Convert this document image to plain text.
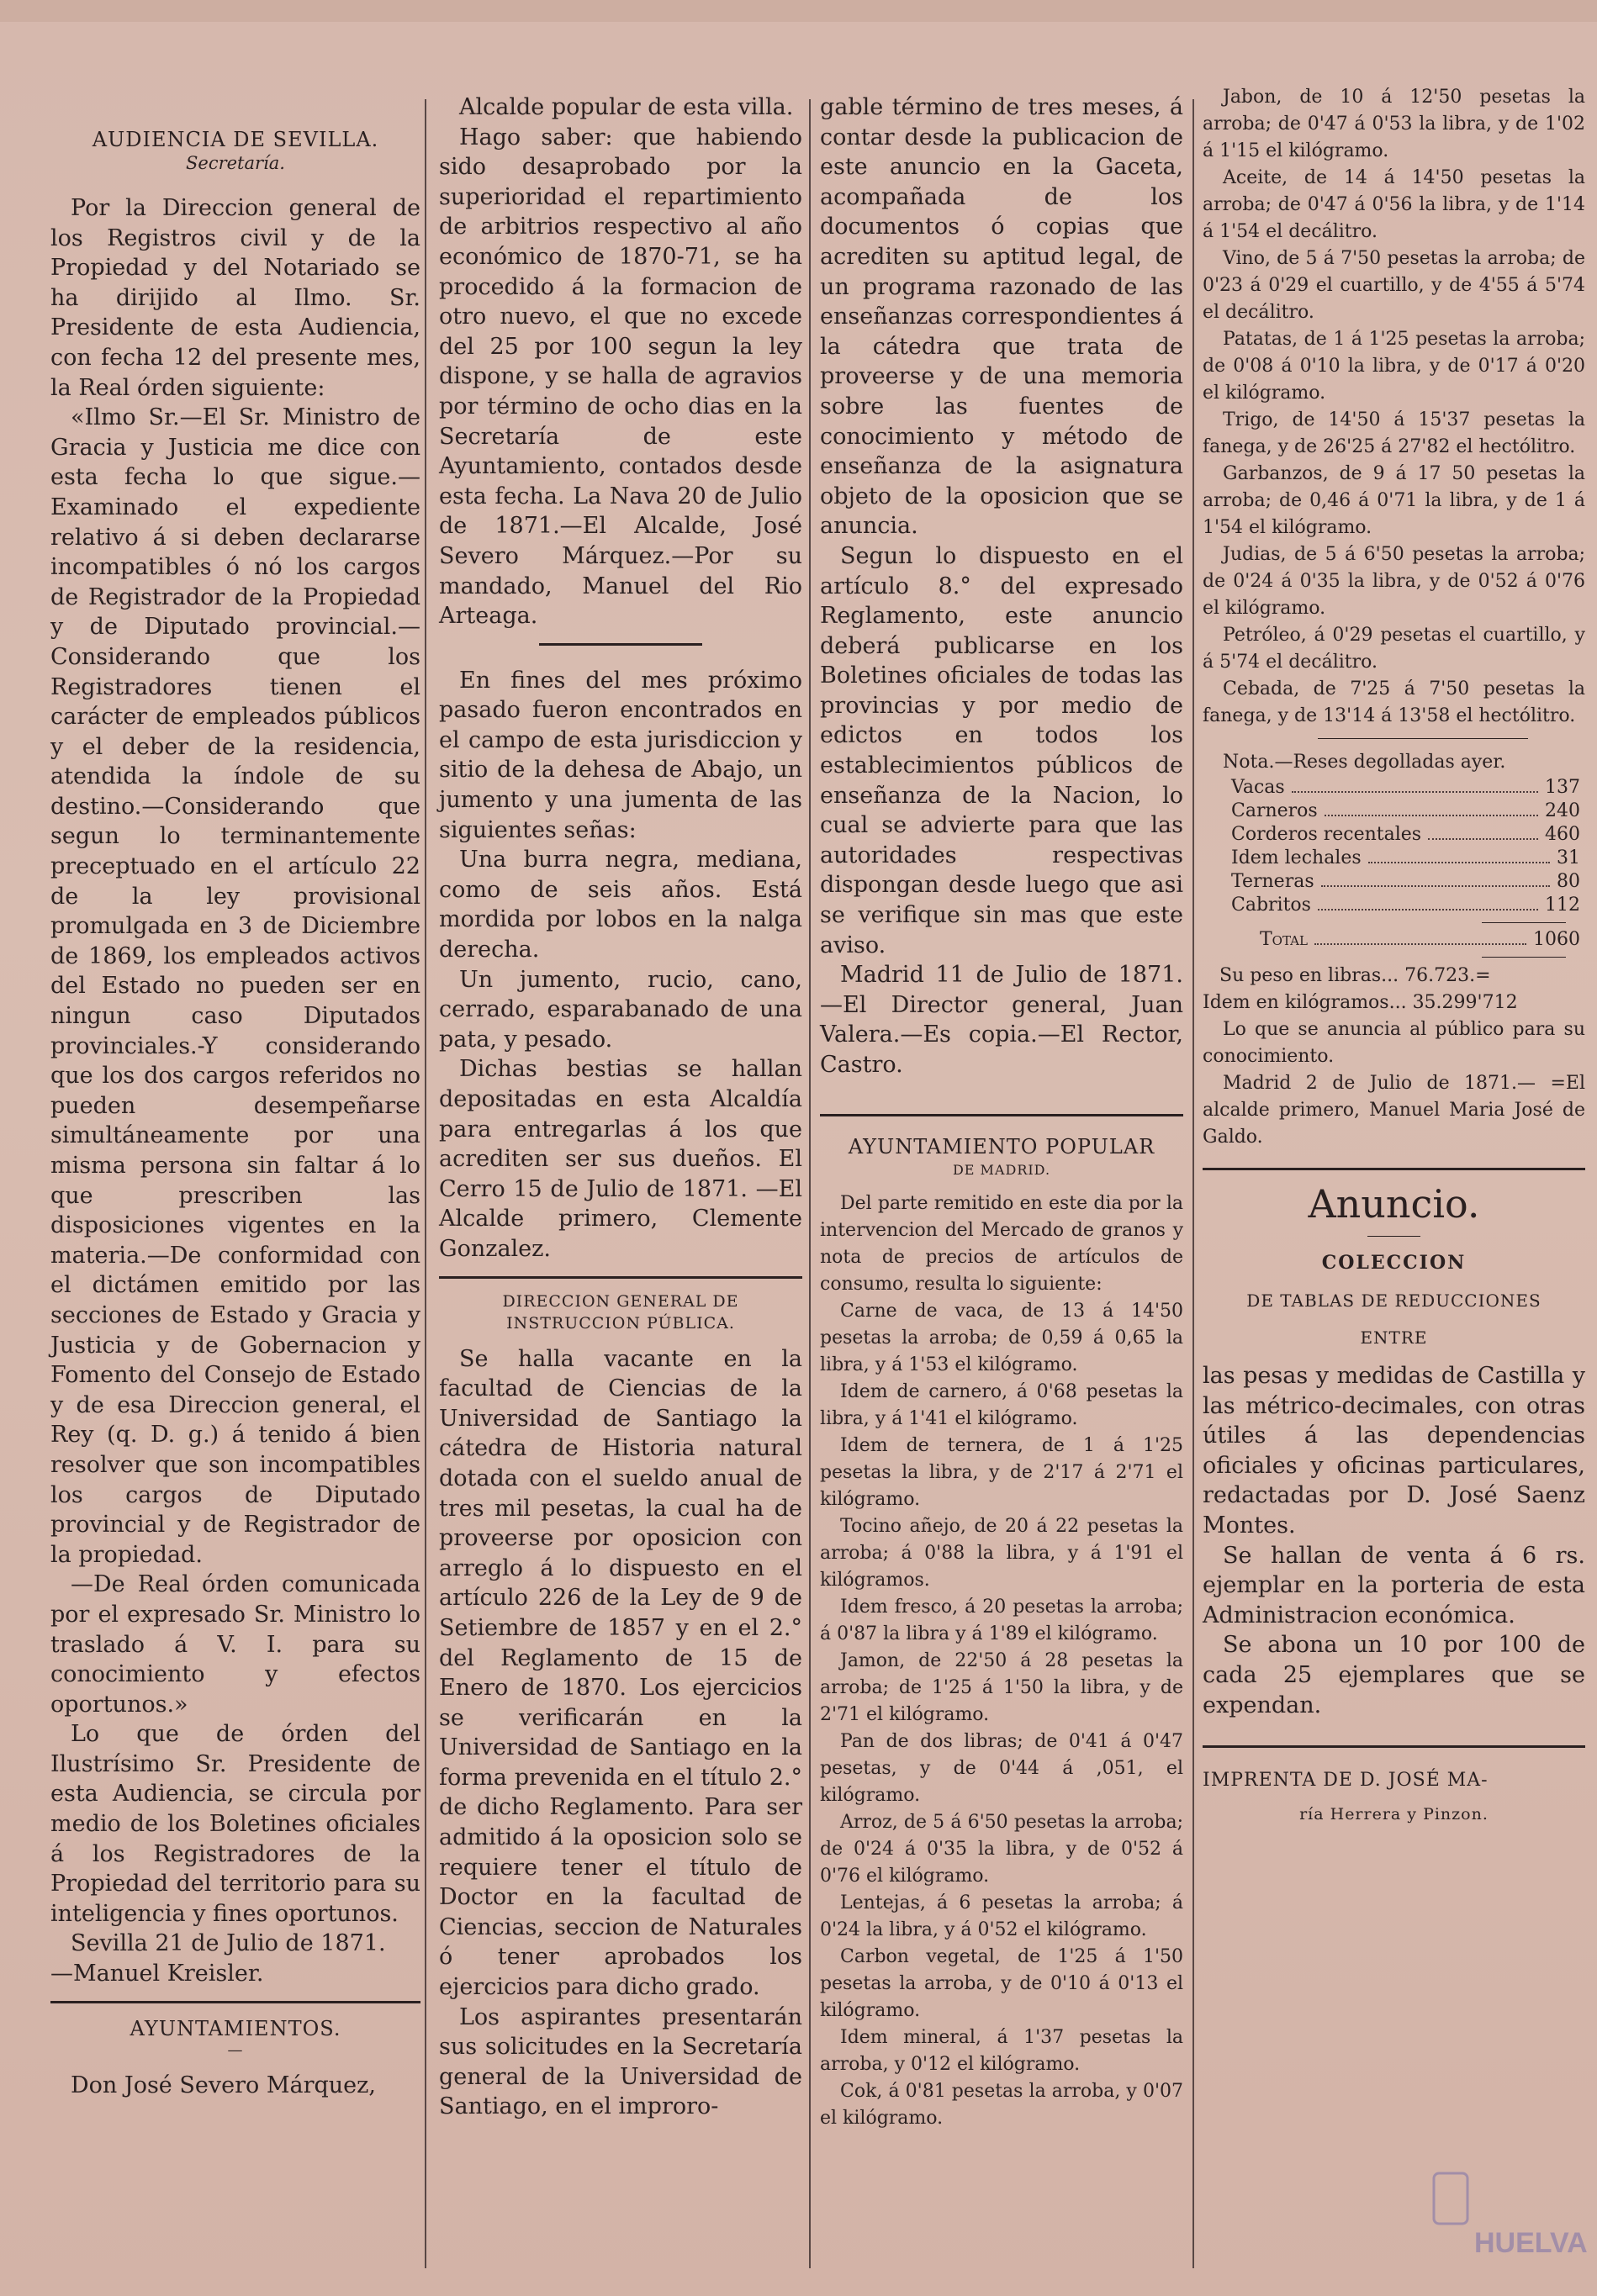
AUDIENCIA DE SEVILLA.
Secretaría.

Por la Direccion general de los Registros civil y de la Propiedad y del Notariado se ha dirijido al Ilmo. Sr. Presidente de esta Audiencia, con fecha 12 del presente mes, la Real órden siguiente:

«Ilmo Sr.—El Sr. Ministro de Gracia y Justicia me dice con esta fecha lo que sigue.—Examinado el expediente relativo á si deben declararse incompatibles ó nó los cargos de Registrador de la Propiedad y de Diputado provincial.—Considerando que los Registradores tienen el carácter de empleados públicos y el deber de la residencia, atendida la índole de su destino.—Considerando que segun lo terminantemente preceptuado en el artículo 22 de la ley provisional promulgada en 3 de Diciembre de 1869, los empleados activos del Estado no pueden ser en ningun caso Diputados provinciales.-Y considerando que los dos cargos referidos no pueden desempeñarse simultáneamente por una misma persona sin faltar á lo que prescriben las disposiciones vigentes en la materia.—De conformidad con el dictámen emitido por las secciones de Estado y Gracia y Justicia y de Gobernacion y Fomento del Consejo de Estado y de esa Direccion general, el Rey (q. D. g.) á tenido á bien resolver que son incompatibles los cargos de Diputado provincial y de Registrador de la propiedad.

—De Real órden comunicada por el expresado Sr. Ministro lo traslado á V. I. para su conocimiento y efectos oportunos.»

Lo que de órden del Ilustrísimo Sr. Presidente de esta Audiencia, se circula por medio de los Boletines oficiales á los Registradores de la Propiedad del territorio para su inteligencia y fines oportunos.

Sevilla 21 de Julio de 1871.

—Manuel Kreisler.

AYUNTAMIENTOS.
—

Don José Severo Márquez,

Alcalde popular de esta villa.

Hago saber: que habiendo sido desaprobado por la superioridad el repartimiento de arbitrios respectivo al año económico de 1870-71, se ha procedido á la formacion de otro nuevo, el que no excede del 25 por 100 segun la ley dispone, y se halla de agravios por término de ocho dias en la Secretaría de este Ayuntamiento, contados desde esta fecha. La Nava 20 de Julio de 1871.—El Alcalde, José Severo Márquez.—Por su mandado, Manuel del Rio Arteaga.

En fines del mes próximo pasado fueron encontrados en el campo de esta jurisdiccion y sitio de la dehesa de Abajo, un jumento y una jumenta de las siguientes señas:

Una burra negra, mediana, como de seis años. Está mordida por lobos en la nalga derecha.

Un jumento, rucio, cano, cerrado, esparabanado de una pata, y pesado.

Dichas bestias se hallan depositadas en esta Alcaldía para entregarlas á los que acrediten ser sus dueños. El Cerro 15 de Julio de 1871. —El Alcalde primero, Clemente Gonzalez.

DIRECCION GENERAL DE INSTRUCCION PÚBLICA.

Se halla vacante en la facultad de Ciencias de la Universidad de Santiago la cátedra de Historia natural dotada con el sueldo anual de tres mil pesetas, la cual ha de proveerse por oposicion con arreglo á lo dispuesto en el artículo 226 de la Ley de 9 de Setiembre de 1857 y en el 2.° del Reglamento de 15 de Enero de 1870. Los ejercicios se verificarán en la Universidad de Santiago en la forma prevenida en el título 2.° de dicho Reglamento. Para ser admitido á la oposicion solo se requiere tener el título de Doctor en la facultad de Ciencias, seccion de Naturales ó tener aprobados los ejercicios para dicho grado.

Los aspirantes presentarán sus solicitudes en la Secretaría general de la Universidad de Santiago, en el improro-

gable término de tres meses, á contar desde la publicacion de este anuncio en la Gaceta, acompañada de los documentos ó copias que acrediten su aptitud legal, de un programa razonado de las enseñanzas correspondientes á la cátedra que trata de proveerse y de una memoria sobre las fuentes de conocimiento y método de enseñanza de la asignatura objeto de la oposicion que se anuncia.

Segun lo dispuesto en el artículo 8.° del expresado Reglamento, este anuncio deberá publicarse en los Boletines oficiales de todas las provincias y por medio de edictos en todos los establecimientos públicos de enseñanza de la Nacion, lo cual se advierte para que las autoridades respectivas dispongan desde luego que asi se verifique sin mas que este aviso.

Madrid 11 de Julio de 1871.—El Director general, Juan Valera.—Es copia.—El Rector, Castro.

AYUNTAMIENTO POPULAR
DE MADRID.

Del parte remitido en este dia por la intervencion del Mercado de granos y nota de precios de artículos de consumo, resulta lo siguiente:

Carne de vaca, de 13 á 14'50 pesetas la arroba; de 0,59 á 0,65 la libra, y á 1'53 el kilógramo.

Idem de carnero, á 0'68 pesetas la libra, y á 1'41 el kilógramo.

Idem de ternera, de 1 á 1'25 pesetas la libra, y de 2'17 á 2'71 el kilógramo.

Tocino añejo, de 20 á 22 pesetas la arroba; á 0'88 la libra, y á 1'91 el kilógramos.

Idem fresco, á 20 pesetas la arroba; á 0'87 la libra y á 1'89 el kilógramo.

Jamon, de 22'50 á 28 pesetas la arroba; de 1'25 á 1'50 la libra, y de 2'71 el kilógramo.

Pan de dos libras; de 0'41 á 0'47 pesetas, y de 0'44 á ,051, el kilógramo.

Arroz, de 5 á 6'50 pesetas la arroba; de 0'24 á 0'35 la libra, y de 0'52 á 0'76 el kilógramo.

Lentejas, á 6 pesetas la arroba; á 0'24 la libra, y á 0'52 el kilógramo.

Carbon vegetal, de 1'25 á 1'50 pesetas la arroba, y de 0'10 á 0'13 el kilógramo.

Idem mineral, á 1'37 pesetas la arroba, y 0'12 el kilógramo.

Cok, á 0'81 pesetas la arroba, y 0'07 el kilógramo.

Jabon, de 10 á 12'50 pesetas la arroba; de 0'47 á 0'53 la libra, y de 1'02 á 1'15 el kilógramo.

Aceite, de 14 á 14'50 pesetas la arroba; de 0'47 á 0'56 la libra, y de 1'14 á 1'54 el decálitro.

Vino, de 5 á 7'50 pesetas la arroba; de 0'23 á 0'29 el cuartillo, y de 4'55 á 5'74 el decálitro.

Patatas, de 1 á 1'25 pesetas la arroba; de 0'08 á 0'10 la libra, y de 0'17 á 0'20 el kilógramo.

Trigo, de 14'50 á 15'37 pesetas la fanega, y de 26'25 á 27'82 el hectólitro.

Garbanzos, de 9 á 17 50 pesetas la arroba; de 0,46 á 0'71 la libra, y de 1 á 1'54 el kilógramo.

Judias, de 5 á 6'50 pesetas la arroba; de 0'24 á 0'35 la libra, y de 0'52 á 0'76 el kilógramo.

Petróleo, á 0'29 pesetas el cuartillo, y á 5'74 el decálitro.

Cebada, de 7'25 á 7'50 pesetas la fanega, y de 13'14 á 13'58 el hectólitro.

Nota.—Reses degolladas ayer.

Vacas	137
Carneros	240
Corderos recentales	460
Idem lechales	31
Terneras	80
Cabritos	112
Total	1060

Su peso en libras... 76.723.=

Idem en kilógramos... 35.299'712

Lo que se anuncia al público para su conocimiento.

Madrid 2 de Julio de 1871.— =El alcalde primero, Manuel Maria José de Galdo.

Anuncio.
COLECCION
DE TABLAS DE REDUCCIONES
ENTRE

las pesas y medidas de Castilla y las métrico-decimales, con otras útiles á las dependencias oficiales y oficinas particulares, redactadas por D. José Saenz Montes.

Se hallan de venta á 6 rs. ejemplar en la porteria de esta Administracion económica.

Se abona un 10 por 100 de cada 25 ejemplares que se expendan.

IMPRENTA DE D. JOSÉ MA-
ría Herrera y Pinzon.
HUELVA
